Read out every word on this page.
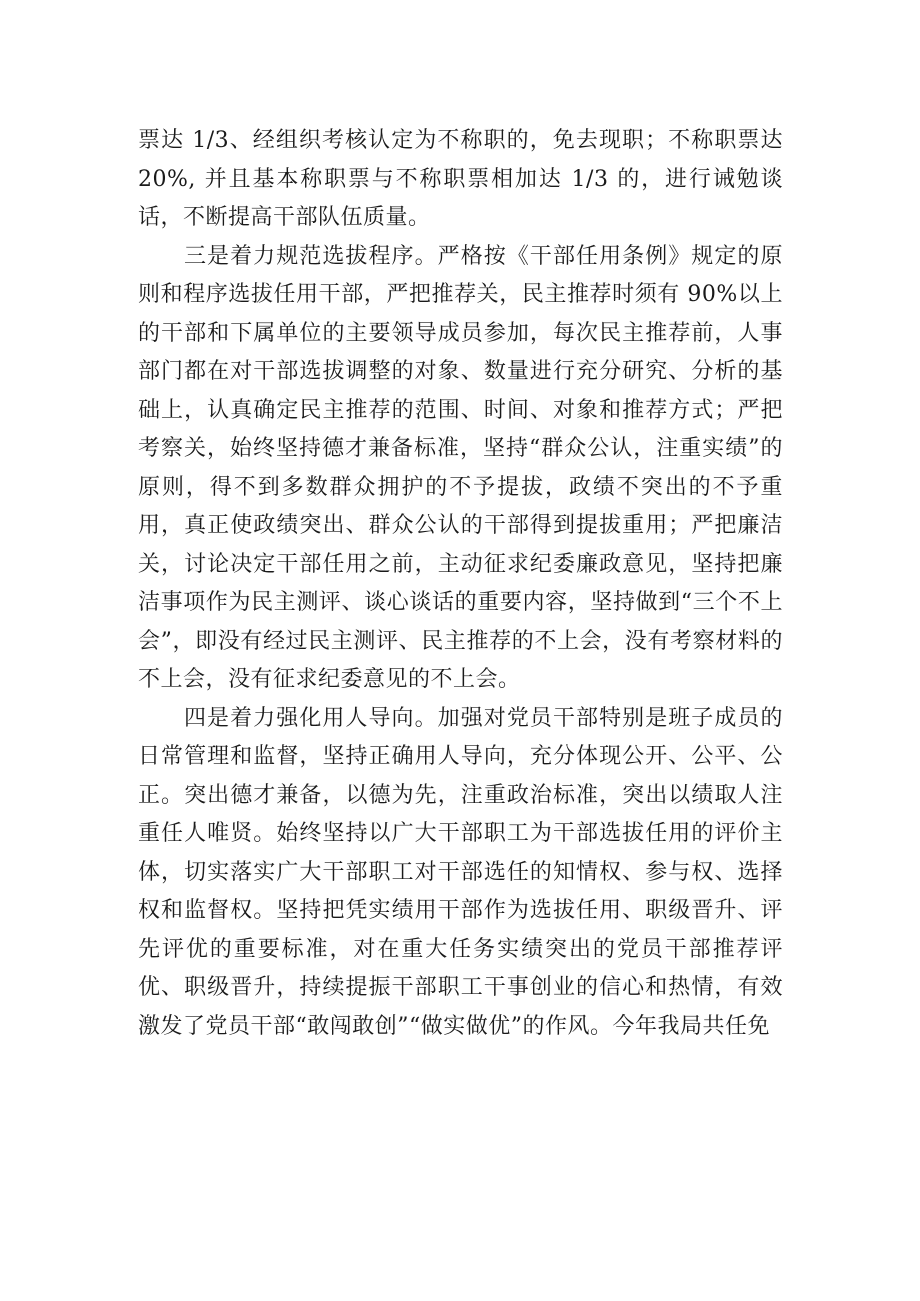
票达 1/3、经组织考核认定为不称职的，免去现职；不称职票达 20%, 并且基本称职票与不称职票相加达 1/3 的，进行诫勉谈话，不断提高干部队伍质量。

三是着力规范选拔程序。严格按《干部任用条例》规定的原则和程序选拔任用干部，严把推荐关，民主推荐时须有 90%以上的干部和下属单位的主要领导成员参加，每次民主推荐前，人事部门都在对干部选拔调整的对象、数量进行充分研究、分析的基础上，认真确定民主推荐的范围、时间、对象和推荐方式；严把考察关，始终坚持德才兼备标准，坚持“群众公认，注重实绩”的原则，得不到多数群众拥护的不予提拔，政绩不突出的不予重用，真正使政绩突出、群众公认的干部得到提拔重用；严把廉洁关，讨论决定干部任用之前，主动征求纪委廉政意见，坚持把廉洁事项作为民主测评、谈心谈话的重要内容，坚持做到“三个不上会”，即没有经过民主测评、民主推荐的不上会，没有考察材料的不上会，没有征求纪委意见的不上会。

四是着力强化用人导向。加强对党员干部特别是班子成员的日常管理和监督，坚持正确用人导向，充分体现公开、公平、公正。突出德才兼备，以德为先，注重政治标准，突出以绩取人注重任人唯贤。始终坚持以广大干部职工为干部选拔任用的评价主体，切实落实广大干部职工对干部选任的知情权、参与权、选择权和监督权。坚持把凭实绩用干部作为选拔任用、职级晋升、评先评优的重要标准，对在重大任务实绩突出的党员干部推荐评优、职级晋升，持续提振干部职工干事创业的信心和热情，有效激发了党员干部“敢闯敢创”“做实做优”的作风。今年我局共任免
